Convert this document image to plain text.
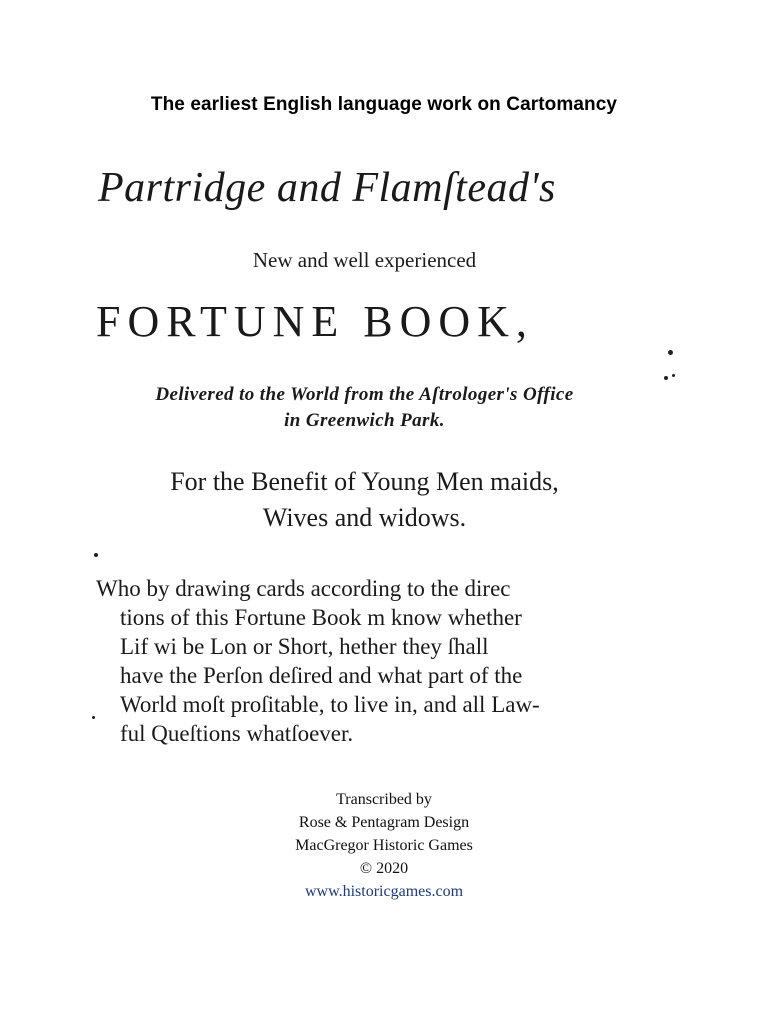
The earliest English language work on Cartomancy
Partridge and Flamſtead's
New and well experienced
FORTUNE BOOK,
Delivered to the World from the Aſtrologer's Office
in Greenwich Park.
For the Benefit of Young Men maids,
Wives and widows.
Who by drawing cards according to the direc
tions of this Fortune Book m know whether
Lif wi be Lon or Short, hether they ſhall
have the Perſon deſired and what part of the
World moſt proſitable, to live in, and all Law-
ful Queſtions whatſoever.
Transcribed by
Rose & Pentagram Design
MacGregor Historic Games
© 2020
www.historicgames.com
